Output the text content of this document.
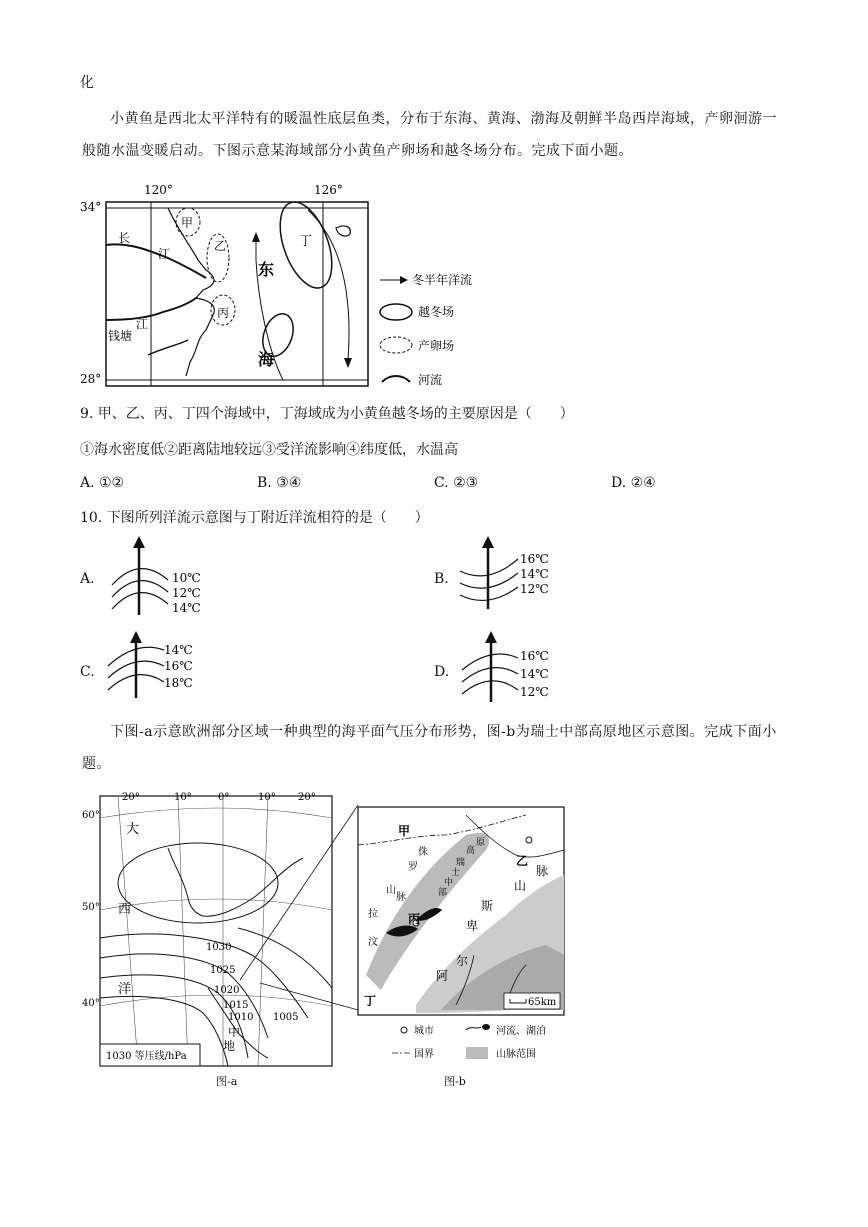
化
小黄鱼是西北太平洋特有的暖温性底层鱼类，分布于东海、黄海、渤海及朝鲜半岛西岸海域，产卵洄游一般随水温变暖启动。下图示意某海域部分小黄鱼产卵场和越冬场分布。完成下面小题。
120°	126°
34°
28°
甲
乙
丙
丁
长
江
钱塘
江
东
海
冬半年洋流
越冬场
产卵场
河流
9. 甲、乙、丙、丁四个海域中，丁海域成为小黄鱼越冬场的主要原因是（　　）
①海水密度低②距离陆地较远③受洋流影响④纬度低，水温高
A. ①②	B. ③④	C. ②③	D. ②④
10. 下图所列洋流示意图与丁附近洋流相符的是（　　）
A.	10℃
12℃
14℃
B.
16℃
14℃
12℃
C.
14℃
16℃
18℃
D.
16℃
14℃
12℃
下图-a示意欧洲部分区域一种典型的海平面气压分布形势，图-b为瑞士中部高原地区示意图。完成下面小题。
20°	10°	0°	10° 20°
60°
50°
40°
1030
1025
1020
1015
1010 1005
大
西
洋
地
中
1030 等压线/hPa
甲
乙
丙
丁
侏
罗
山
脉
瑞
士
中
部
高
原
阿
尔
卑
斯
山
脉
拉
汶
65km
城市	河流、湖泊
国界	山脉范围
图-a	图-b
